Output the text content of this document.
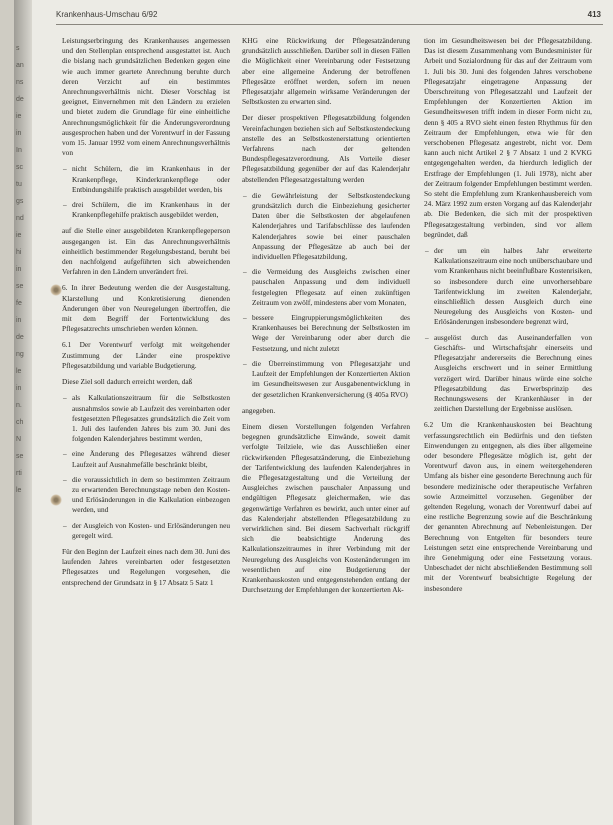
s
an
ns
de
ie
in
In
sc
tu
gs
nd
ie
hi
in
se
fe
in
de
ng
le
in
n.
ch
N
se
rti
le
Krankenhaus-Umschau 6/92	413

Leistungserbringung des Krankenhauses angemessen und den Stellenplan entsprechend ausgestattet ist. Auch die bislang nach grundsätzlichen Bedenken gegen eine wie auch immer geartete Anrechnung beruhte durch deren Verzicht auf ein bestimmtes Anrechnungsverhältnis nicht. Dieser Vorschlag ist geeignet, Einvernehmen mit den Ländern zu erzielen und bietet zudem die Grundlage für eine einheitliche Anrechnungsmöglichkeit für die Änderungsverordnung ausgesprochen haben und der Vorentwurf in der Fassung vom 15. Januar 1992 vom einem Anrechnungsverhältnis von

– nicht Schülern, die im Krankenhaus in der Krankenpflege, Kinderkrankenpflege oder Entbindungshilfe praktisch ausgebildet werden, bis
– drei Schülern, die im Krankenhaus in der Krankenpflegehilfe praktisch ausgebildet werden,

auf die Stelle einer ausgebildeten Krankenpflegeperson ausgegangen ist. Ein das Anrechnungsverhältnis einheitlich bestimmender Regelungsbestand, beruht bei den nachfolgend aufgeführten sich abweichenden Verfahren in den Ländern unverändert frei.

6. In ihrer Bedeutung werden die der Ausgestaltung, Klarstellung und Konkretisierung dienenden Änderungen über von Neuregelungen übertroffen, die mit dem Begriff der Fortentwicklung des Pflegesatzrechts umschrieben werden können.

6.1 Der Vorentwurf verfolgt mit weitgehender Zustimmung der Länder eine prospektive Pflegesatzbildung und variable Budgetierung.

Diese Ziel soll dadurch erreicht werden, daß

– als Kalkulationszeitraum für die Selbstkosten ausnahmslos sowie ab Laufzeit des vereinbarten oder festgesetzten Pflegesatzes grundsätzlich die Zeit vom 1. Juli des laufenden Jahres bis zum 30. Juni des folgenden Kalenderjahres bestimmt werden,
– eine Änderung des Pflegesatzes während dieser Laufzeit auf Ausnahmefälle beschränkt bleibt,
– die voraussichtlich in dem so bestimmten Zeitraum zu erwartenden Berechnungstage neben den Kosten- und Erlösänderungen in die Kalkulation einbezogen werden, und
– der Ausgleich von Kosten- und Erlösänderungen neu geregelt wird.

Für den Beginn der Laufzeit eines nach dem 30. Juni des laufenden Jahres vereinbarten oder festgesetzten Pflegesatzes und Regelungen vorgesehen, die entsprechend der Grundsatz in § 17 Absatz 5 Satz 1

KHG eine Rückwirkung der Pflegesatzänderung grundsätzlich ausschließen. Darüber soll in diesen Fällen die Möglichkeit einer Vereinbarung oder Festsetzung aber eine allgemeine Änderung der betroffenen Pflegesätze eröffnet werden, sofern im neuen Pflegesatzjahr allgemein wirksame Veränderungen der Selbstkosten zu erwarten sind.

Der dieser prospektiven Pflegesatzbildung folgenden Vereinfachungen beziehen sich auf Selbstkostendeckung anstelle des an Selbstkostenerstattung orientierten Verfahrens nach der geltenden Bundespflegesatzverordnung. Als Vorteile dieser Pflegesatzbildung gegenüber der auf das Kalenderjahr abstellenden Pflegesatzgestaltung werden

– die Gewährleistung der Selbstkostendeckung grundsätzlich durch die Einbeziehung gesicherter Daten über die Selbstkosten der abgelaufenen Kalenderjahres und Tarifabschlüsse des laufenden Kalenderjahres sowie bei einer pauschalen Anpassung der Pflegesätze ab auch bei der individuellen Pflegesatzbildung,
– die Vermeidung des Ausgleichs zwischen einer pauschalen Anpassung und dem individuell festgelegten Pflegesatz auf einen zukünftigen Zeitraum von zwölf, mindestens aber vom Monaten,
– bessere Eingruppierungsmöglichkeiten des Krankenhauses bei Berechnung der Selbstkosten im Wege der Vereinbarung oder aber durch die Festsetzung, und nicht zuletzt
– die Überreinstimmung von Pflegesatzjahr und Laufzeit der Empfehlungen der Konzertierten Aktion im Gesundheitswesen zur Ausgabenentwicklung in der gesetzlichen Krankenversicherung (§ 405a RVO)

angegeben.

Einem diesen Vorstellungen folgenden Verfahren begegnen grundsätzliche Einwände, soweit damit verfolgte Teilziele, wie das Ausschließen einer rückwirkenden Pflegesatzänderung, die Einbeziehung der Tarifentwicklung des laufenden Kalenderjahres in die Pflegesatzgestaltung und die Verteilung der Ausgleiches zwischen pauschaler Anpassung und endgültigen Pflegesatz gleichermaßen, wie das gegenwärtige Verfahren es bewirkt, auch unter einer auf das Kalenderjahr abstellenden Pflegesatzbildung zu verwirklichen sind. Bei diesem Sachverhalt rückgriff sich die beabsichtigte Änderung des Kalkulationszeitraumes in ihrer Verbindung mit der Neuregelung des Ausgleichs von Kostenänderungen im wesentlichen auf eine Budgetierung der Krankenhauskosten und entgegenstehenden entlang der Durchsetzung der Empfehlungen der konzertierten Ak-

tion im Gesundheitswesen bei der Pflegesatzbildung. Das ist diesem Zusammenhang vom Bundesminister für Arbeit und Sozialordnung für das auf der Zeitraum vom 1. Juli bis 30. Juni des folgenden Jahres verschobene Pflegesatzjahr eingetragene Anpassung der Überschreitung von Pflegesatzzahl und Laufzeit der Empfehlungen der Konzertierten Aktion im Gesundheitswesen trifft indem in dieser Form nicht zu, denn § 405 a RVO sieht einen festen Rhythmus für den Zeitraum der Empfehlungen, etwa wie für den verschobenen Pflegesatz angestrebt, nicht vor. Dem kann auch nicht Artikel 2 § 7 Absatz 1 und 2 KVKG entgegengehalten werden, da hierdurch lediglich der Erstfrage der Empfehlungen (1. Juli 1978), nicht aber der Zeitraum folgender Empfehlungen bestimmt werden. So steht die Empfehlung zum Krankenhausbereich vom 24. März 1992 zum ersten Vorgang auf das Kalenderjahr ab. Die Bedenken, die sich mit der prospektiven Pflegesatzgestaltung verbinden, sind vor allem begründet, daß

– der um ein halbes Jahr erweiterte Kalkulationszeitraum eine noch unüberschaubare und vom Krankenhaus nicht beeinflußbare Kostenrisiken, so insbesondere durch eine unvorhersehbare Tarifentwicklung im zweiten Kalenderjahr, einschließlich dessen Ausgleich durch eine Neuregelung des Ausgleichs von Kosten- und Erlösänderungen insbesondere begrenzt wird,
– ausgelöst durch das Auseinanderfallen von Geschäfts- und Wirtschaftsjahr einerseits und Pflegesatzjahr andererseits die Berechnung eines Ausgleichs erschwert und in seiner Ermittlung verzögert wird. Darüber hinaus würde eine solche Pflegesatzbildung das Erwerbsprinzip des Rechnungswesens der Krankenhäuser in der zeitlichen Darstellung der Ergebnisse auslösen.

6.2 Um die Krankenhauskosten bei Beachtung verfassungsrechtlich ein Bedürfnis und den tiefsten Einwendungen zu entgegnen, als dies über allgemeine oder besondere Pflegesätze möglich ist, geht der Vorentwurf davon aus, in einem weitergehenderen Umfang als bisher eine gesonderte Berechnung auch für besondere medizinische oder therapeutische Verfahren sowie Arzneimittel vorzusehen. Gegenüber der geltenden Regelung, wonach der Vorentwurf dabei auf eine restliche Begrenzung sowie auf die Beschränkung der genannten Abrechnung auf Nebenleistungen. Der Berechnung von Entgelten für besonders teure Leistungen setzt eine entsprechende Vereinbarung und ihre Genehmigung oder eine Festsetzung voraus. Unbeschadet der nicht abschließenden Bestimmung soll mit der Vorentwurf beabsichtigte Regelung der insbesondere
